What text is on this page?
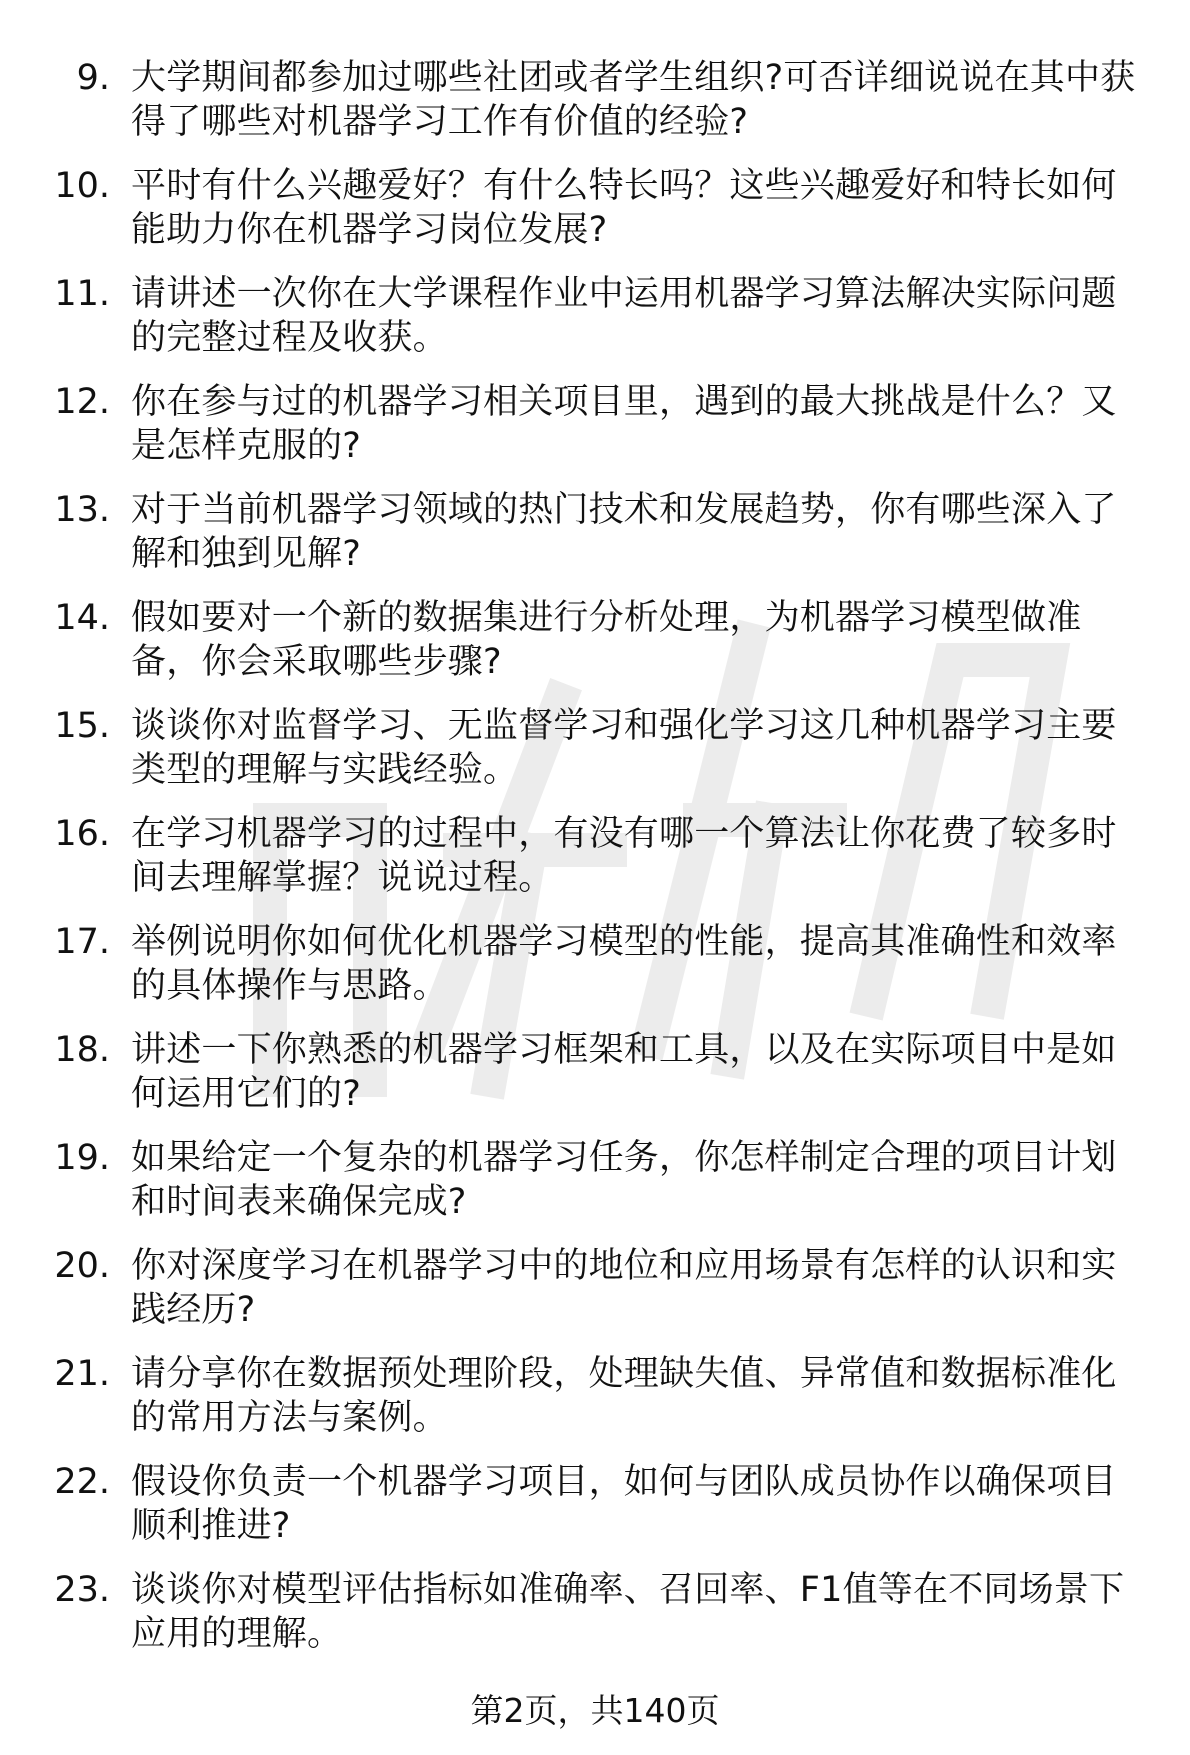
9. 大学期间都参加过哪些社团或者学生组织?可否详细说说在其中获得了哪些对机器学习工作有价值的经验?
10. 平时有什么兴趣爱好？有什么特长吗？这些兴趣爱好和特长如何能助力你在机器学习岗位发展?
11. 请讲述一次你在大学课程作业中运用机器学习算法解决实际问题的完整过程及收获。
12. 你在参与过的机器学习相关项目里，遇到的最大挑战是什么？又是怎样克服的?
13. 对于当前机器学习领域的热门技术和发展趋势，你有哪些深入了解和独到见解?
14. 假如要对一个新的数据集进行分析处理，为机器学习模型做准备，你会采取哪些步骤?
15. 谈谈你对监督学习、无监督学习和强化学习这几种机器学习主要类型的理解与实践经验。
16. 在学习机器学习的过程中，有没有哪一个算法让你花费了较多时间去理解掌握？说说过程。
17. 举例说明你如何优化机器学习模型的性能，提高其准确性和效率的具体操作与思路。
18. 讲述一下你熟悉的机器学习框架和工具，以及在实际项目中是如何运用它们的?
19. 如果给定一个复杂的机器学习任务，你怎样制定合理的项目计划和时间表来确保完成?
20. 你对深度学习在机器学习中的地位和应用场景有怎样的认识和实践经历?
21. 请分享你在数据预处理阶段，处理缺失值、异常值和数据标准化的常用方法与案例。
22. 假设你负责一个机器学习项目，如何与团队成员协作以确保项目顺利推进?
23. 谈谈你对模型评估指标如准确率、召回率、F1值等在不同场景下应用的理解。
第2页，共140页
